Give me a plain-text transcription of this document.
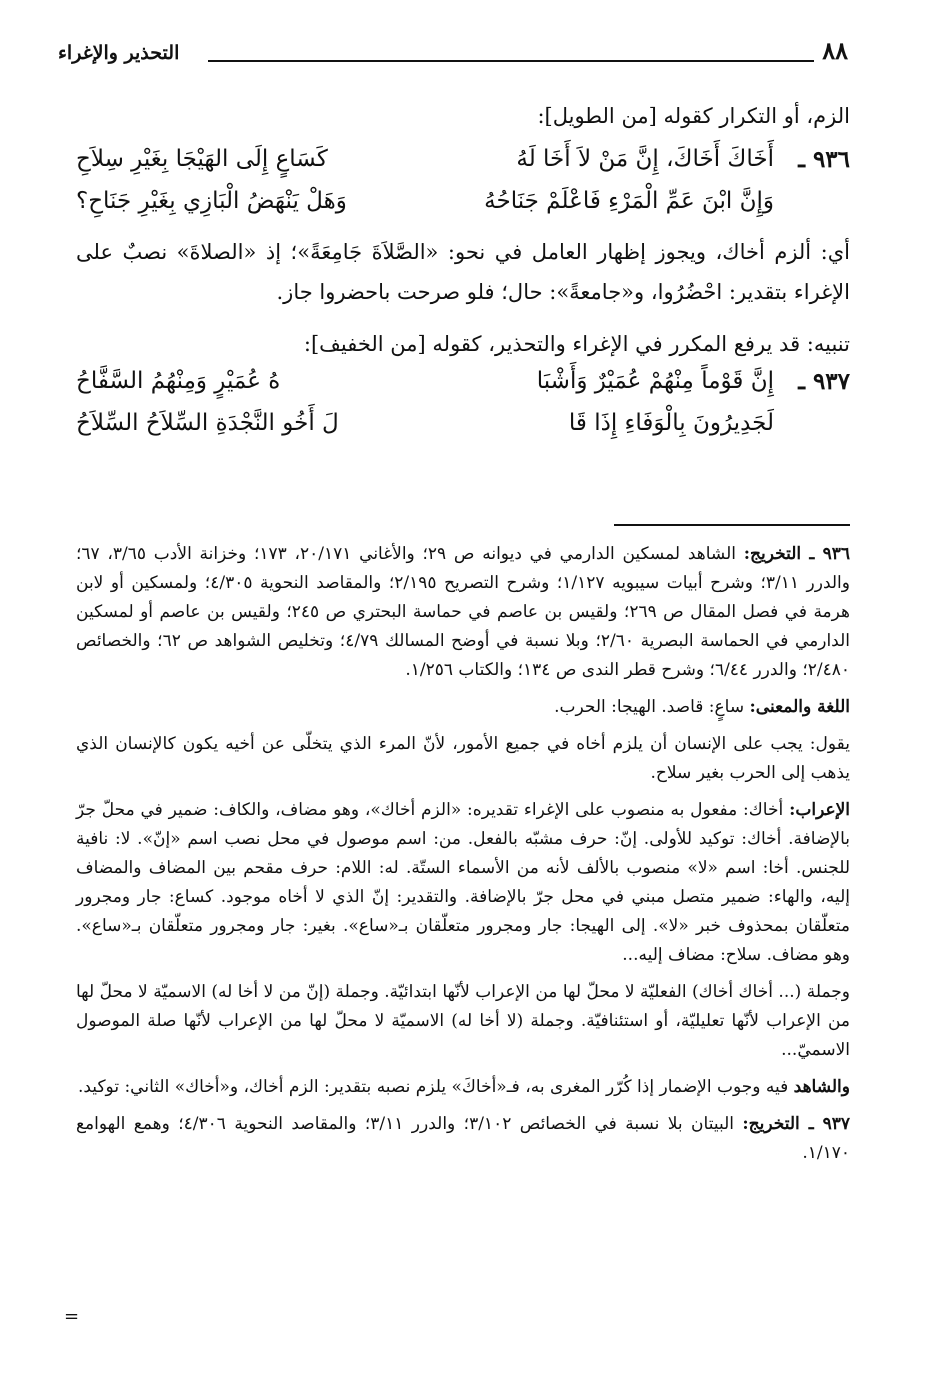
٨٨
التحذير والإغراء

الزم، أو التكرار كقوله [من الطويل]:

٩٣٦ ـ
أَخَاكَ أَخَاكَ، إِنَّ مَنْ لاَ أَخَا لَهُ
كَسَاعٍ إِلَى الهَيْجَا بِغَيْرِ سِلاَحِ
وَإِنَّ ابْنَ عَمِّ الْمَرْءِ فَاعْلَمْ جَنَاحُهُ
وَهَلْ يَنْهَضُ الْبَازِي بِغَيْرِ جَنَاحِ؟

أي: ألزم أخاك، ويجوز إظهار العامل في نحو: «الصَّلاَةَ جَامِعَةً»؛ إذ «الصلاةَ» نصبٌ على الإغراء بتقدير: احْضُرُوا، و«جامعةً»: حال؛ فلو صرحت باحضروا جاز.

تنبيه: قد يرفع المكرر في الإغراء والتحذير، كقوله [من الخفيف]:

٩٣٧ ـ
إِنَّ قَوْماً مِنْهُمْ عُمَيْرٌ وَأَشْبَا
هُ عُمَيْرٍ وَمِنْهُمُ السَّفَّاحُ
لَجَدِيرُونَ بِالْوَفَاءِ إِذَا قَا
لَ أَخُو النَّجْدَةِ السِّلاَحُ السِّلاَحُ

٩٣٦ ـ التخريج: الشاهد لمسكين الدارمي في ديوانه ص ٢٩؛ والأغاني ٢٠/١٧١، ١٧٣؛ وخزانة الأدب ٣/٦٥، ٦٧؛ والدرر ٣/١١؛ وشرح أبيات سيبويه ١/١٢٧؛ وشرح التصريح ٢/١٩٥؛ والمقاصد النحوية ٤/٣٠٥؛ ولمسكين أو لابن هرمة في فصل المقال ص ٢٦٩؛ ولقيس بن عاصم في حماسة البحتري ص ٢٤٥؛ ولقيس بن عاصم أو لمسكين الدارمي في الحماسة البصرية ٢/٦٠؛ وبلا نسبة في أوضح المسالك ٤/٧٩؛ وتخليص الشواهد ص ٦٢؛ والخصائص ٢/٤٨٠؛ والدرر ٦/٤٤؛ وشرح قطر الندى ص ١٣٤؛ والكتاب ١/٢٥٦.

اللغة والمعنى: ساعٍ: قاصد. الهيجا: الحرب.

يقول: يجب على الإنسان أن يلزم أخاه في جميع الأمور، لأنّ المرء الذي يتخلّى عن أخيه يكون كالإنسان الذي يذهب إلى الحرب بغير سلاح.

الإعراب: أخاك: مفعول به منصوب على الإغراء تقديره: «الزم أخاك»، وهو مضاف، والكاف: ضمير في محلّ جرّ بالإضافة. أخاك: توكيد للأولى. إنّ: حرف مشبّه بالفعل. من: اسم موصول في محل نصب اسم «إنّ». لا: نافية للجنس. أخا: اسم «لا» منصوب بالألف لأنه من الأسماء الستّة. له: اللام: حرف مقحم بين المضاف والمضاف إليه، والهاء: ضمير متصل مبني في محل جرّ بالإضافة. والتقدير: إنّ الذي لا أخاه موجود. كساع: جار ومجرور متعلّقان بمحذوف خبر «لا». إلى الهيجا: جار ومجرور متعلّقان بـ«ساع». بغير: جار ومجرور متعلّقان بـ«ساع». وهو مضاف. سلاح: مضاف إليه...

وجملة (... أخاك أخاك) الفعليّة لا محلّ لها من الإعراب لأنّها ابتدائيّة. وجملة (إنّ من لا أخا له) الاسميّة لا محلّ لها من الإعراب لأنّها تعليليّة، أو استئنافيّة. وجملة (لا أخا له) الاسميّة لا محلّ لها من الإعراب لأنّها صلة الموصول الاسميّ...

والشاهد فيه وجوب الإضمار إذا كُرّر المغرى به، فـ«أخاكَ» يلزم نصبه بتقدير: الزم أخاك، و«أخاك» الثاني: توكيد.

٩٣٧ ـ التخريج: البيتان بلا نسبة في الخصائص ٣/١٠٢؛ والدرر ٣/١١؛ والمقاصد النحوية ٤/٣٠٦؛ وهمع الهوامع ١/١٧٠.

=
